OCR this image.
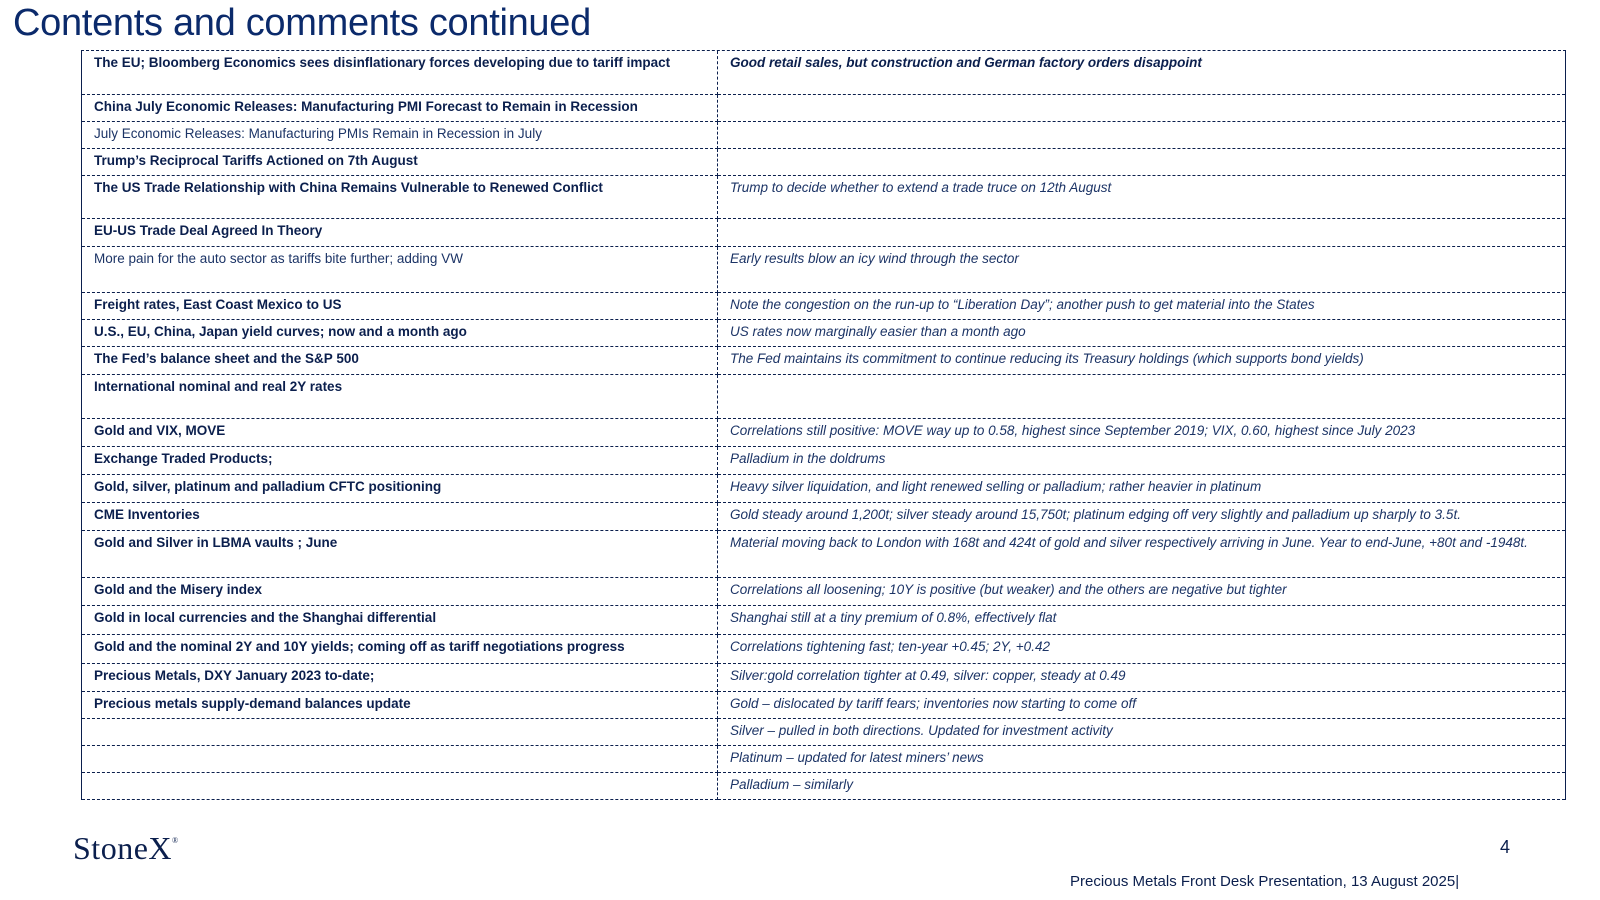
Contents and comments continued
The EU; Bloomberg Economics sees disinflationary forces developing due to tariff impact	Good retail sales, but construction and German factory orders disappoint
China July Economic Releases: Manufacturing PMI Forecast to Remain in Recession	
July Economic Releases: Manufacturing PMIs Remain in Recession in July	
Trump’s Reciprocal Tariffs Actioned on 7th August	
The US Trade Relationship with China Remains Vulnerable to Renewed Conflict	Trump to decide whether to extend a trade truce on 12th August
EU-US Trade Deal Agreed In Theory	
More pain for the auto sector as tariffs bite further; adding VW	Early results blow an icy wind through the sector
Freight rates, East Coast Mexico to US	Note the congestion on the run-up to “Liberation Day”; another push to get material into the States
U.S., EU, China, Japan yield curves; now and a month ago	US rates now marginally easier than a month ago
The Fed’s balance sheet and the S&P 500	The Fed maintains its commitment to continue reducing its Treasury holdings (which supports bond yields)
International nominal and real 2Y rates	
Gold and VIX, MOVE	Correlations still positive: MOVE way up to 0.58, highest since September 2019; VIX, 0.60, highest since July 2023
Exchange Traded Products;	Palladium in the doldrums
Gold, silver, platinum and palladium CFTC positioning	Heavy silver liquidation, and light renewed selling or palladium; rather heavier in platinum
CME Inventories	Gold steady around 1,200t; silver steady around 15,750t; platinum edging off very slightly and palladium up sharply to 3.5t.
Gold and Silver in LBMA vaults ; June	Material moving back to London with 168t and 424t of gold and silver respectively arriving in June. Year to end-June, +80t and -1948t.
Gold and the Misery index	Correlations all loosening; 10Y is positive (but weaker) and the others are negative but tighter
Gold in local currencies and the Shanghai differential	Shanghai still at a tiny premium of 0.8%, effectively flat
Gold and the nominal 2Y and 10Y yields; coming off as tariff negotiations progress	Correlations tightening fast; ten-year +0.45; 2Y, +0.42
Precious Metals, DXY January 2023 to-date;	Silver:gold correlation tighter at 0.49, silver: copper, steady at 0.49
Precious metals supply-demand balances update	Gold – dislocated by tariff fears; inventories now starting to come off
	Silver – pulled in both directions. Updated for investment activity
	Platinum – updated for latest miners’ news
	Palladium – similarly
StoneX®	4
Precious Metals Front Desk Presentation, 13 August 2025|
